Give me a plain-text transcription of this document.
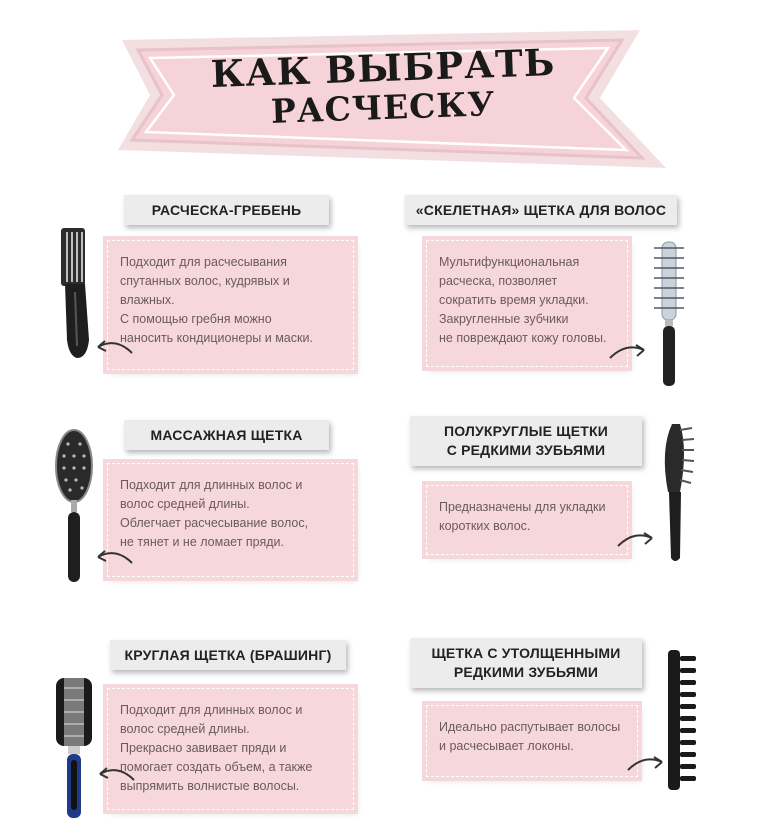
КАК ВЫБРАТЬ
РАСЧЕСКУ
РАСЧЕСКА-ГРЕБЕНЬ

Подходит для расчесывания
спутанных волос, кудрявых и
влажных.
С помощью гребня можно
наносить кондиционеры и маски.

«СКЕЛЕТНАЯ» ЩЕТКА ДЛЯ ВОЛОС

Мультифункциональная
расческа, позволяет
сократить время укладки.
Закругленные зубчики
не повреждают кожу головы.

МАССАЖНАЯ ЩЕТКА

Подходит для длинных волос и
волос средней длины.
Облегчает расчесывание волос,
не тянет и не ломает пряди.

ПОЛУКРУГЛЫЕ ЩЕТКИ
С РЕДКИМИ ЗУБЬЯМИ

Предназначены для укладки
коротких волос.

КРУГЛАЯ ЩЕТКА (БРАШИНГ)

Подходит для длинных волос и
волос средней длины.
Прекрасно завивает пряди и
помогает создать объем, а также
выпрямить волнистые волосы.

ЩЕТКА С УТОЛЩЕННЫМИ
РЕДКИМИ ЗУБЬЯМИ

Идеально распутывает волосы
и расчесывает локоны.
